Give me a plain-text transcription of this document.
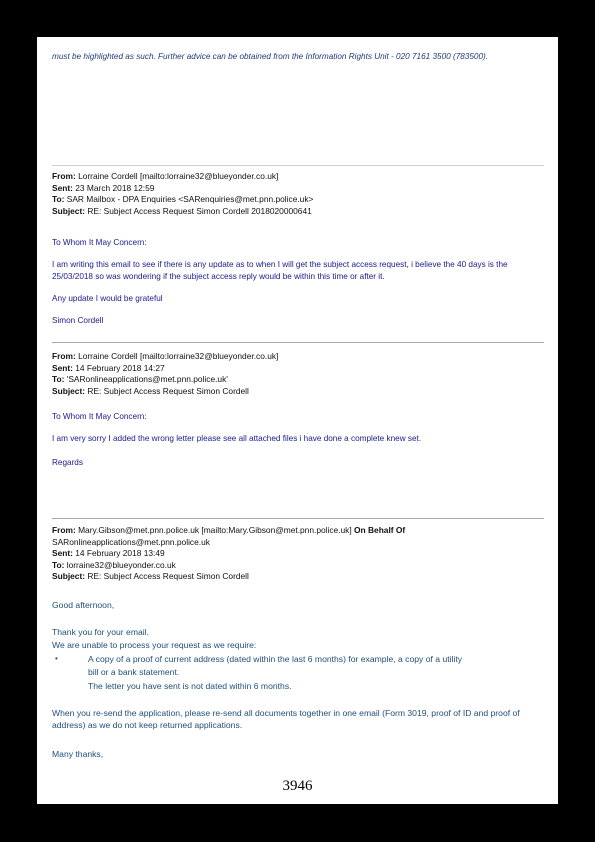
must be highlighted as such. Further advice can be obtained from the Information Rights Unit - 020 7161 3500 (783500).

From: Lorraine Cordell [mailto:lorraine32@blueyonder.co.uk]
Sent: 23 March 2018 12:59
To: SAR Mailbox - DPA Enquiries <SARenquiries@met.pnn.police.uk>
Subject: RE: Subject Access Request Simon Cordell 2018020000641

To Whom It May Concern:

I am writing this email to see if there is any update as to when I will get the subject access request, i believe the 40 days is the 25/03/2018 so was wondering if the subject access reply would be within this time or after it.

Any update I would be grateful

Simon Cordell

From: Lorraine Cordell [mailto:lorraine32@blueyonder.co.uk]
Sent: 14 February 2018 14:27
To: 'SARonlineapplications@met.pnn.police.uk'
Subject: RE: Subject Access Request Simon Cordell

To Whom It May Concern:

I am very sorry I added the wrong letter please see all attached files i have done a complete knew set.

Regards

From: Mary.Gibson@met.pnn.police.uk [mailto:Mary.Gibson@met.pnn.police.uk] On Behalf Of
SARonlineapplications@met.pnn.police.uk
Sent: 14 February 2018 13:49
To: lorraine32@blueyonder.co.uk
Subject: RE: Subject Access Request Simon Cordell

Good afternoon,

Thank you for your email.

We are unable to process your request as we require:

•	A copy of a proof of current address (dated within the last 6 months) for example, a copy of a utility

bill or a bank statement.

The letter you have sent is not dated within 6 months.

When you re-send the application, please re-send all documents together in one email (Form 3019, proof of ID and proof of address) as we do not keep returned applications.

Many thanks,

3946
